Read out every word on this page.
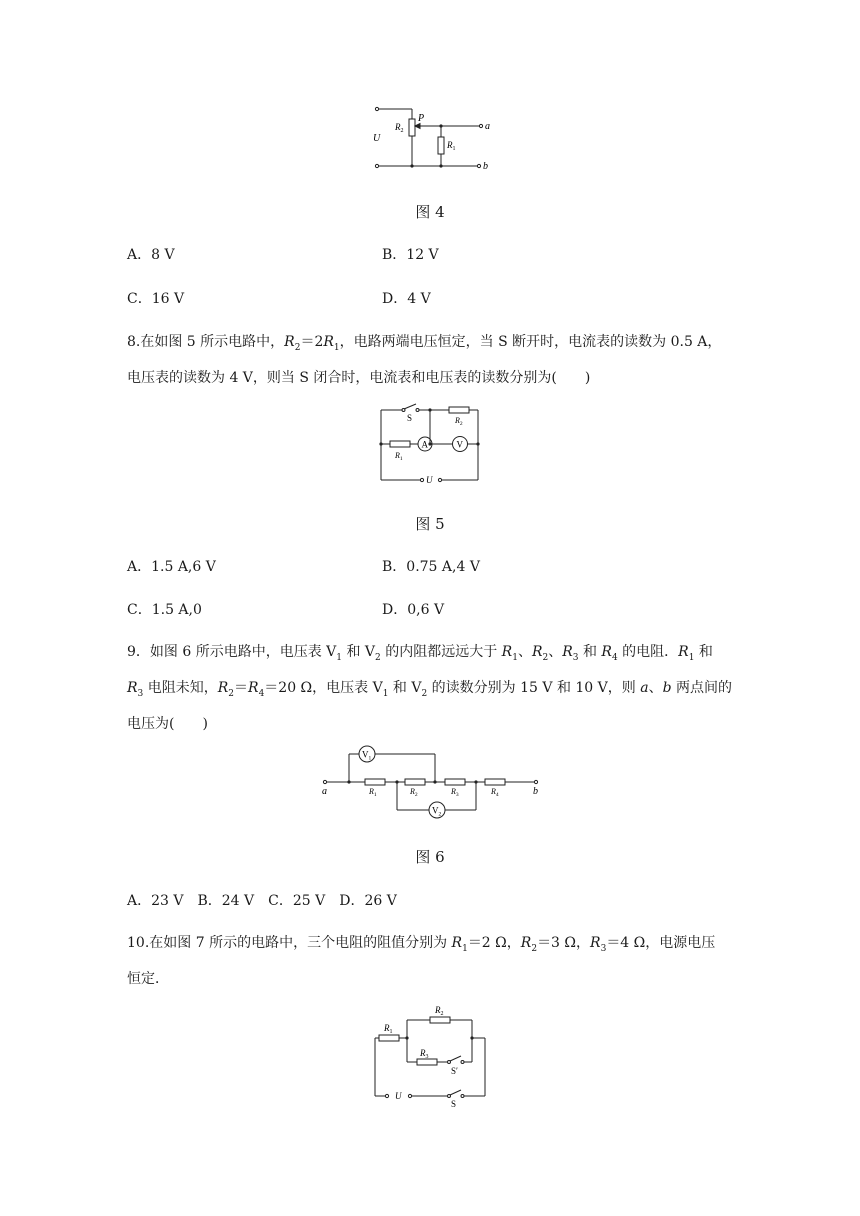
U
$R_2$
P
$R_1$
a
b
图 4
A．8 V	B．12 V
C．16 V	D．4 V

8.在如图 5 所示电路中，$R_2=2R_1$，电路两端电压恒定，当 S 断开时，电流表的读数为 0.5 A，

电压表的读数为 4 V，则当 S 闭合时，电流表和电压表的读数分别为(　　)

S	$R_2$
A	V
$R_1$
U
图 5
A．1.5 A,6 V	B．0.75 A,4 V
C．1.5 A,0	D．0,6 V

9．如图 6 所示电路中，电压表 $V_1$ 和 $V_2$ 的内阻都远远大于 $R_1$、$R_2$、$R_3$ 和 $R_4$ 的电阻．$R_1$ 和

$R_3$ 电阻未知，$R_2=R_4=20$ Ω，电压表 $V_1$ 和 $V_2$ 的读数分别为 15 V 和 10 V，则 a、b 两点间的

电压为(　　)

$V_1$
$V_2$
$R_1$	$R_2$	$R_3$	$R_4$
a	b
图 6
A．23 V　B．24 V　C．25 V　D．26 V

10.在如图 7 所示的电路中，三个电阻的阻值分别为 $R_1=2$ Ω，$R_2=3$ Ω，$R_3=4$ Ω，电源电压

恒定．

$R_1$
$R_2$
$R_3$
S′
U
S
